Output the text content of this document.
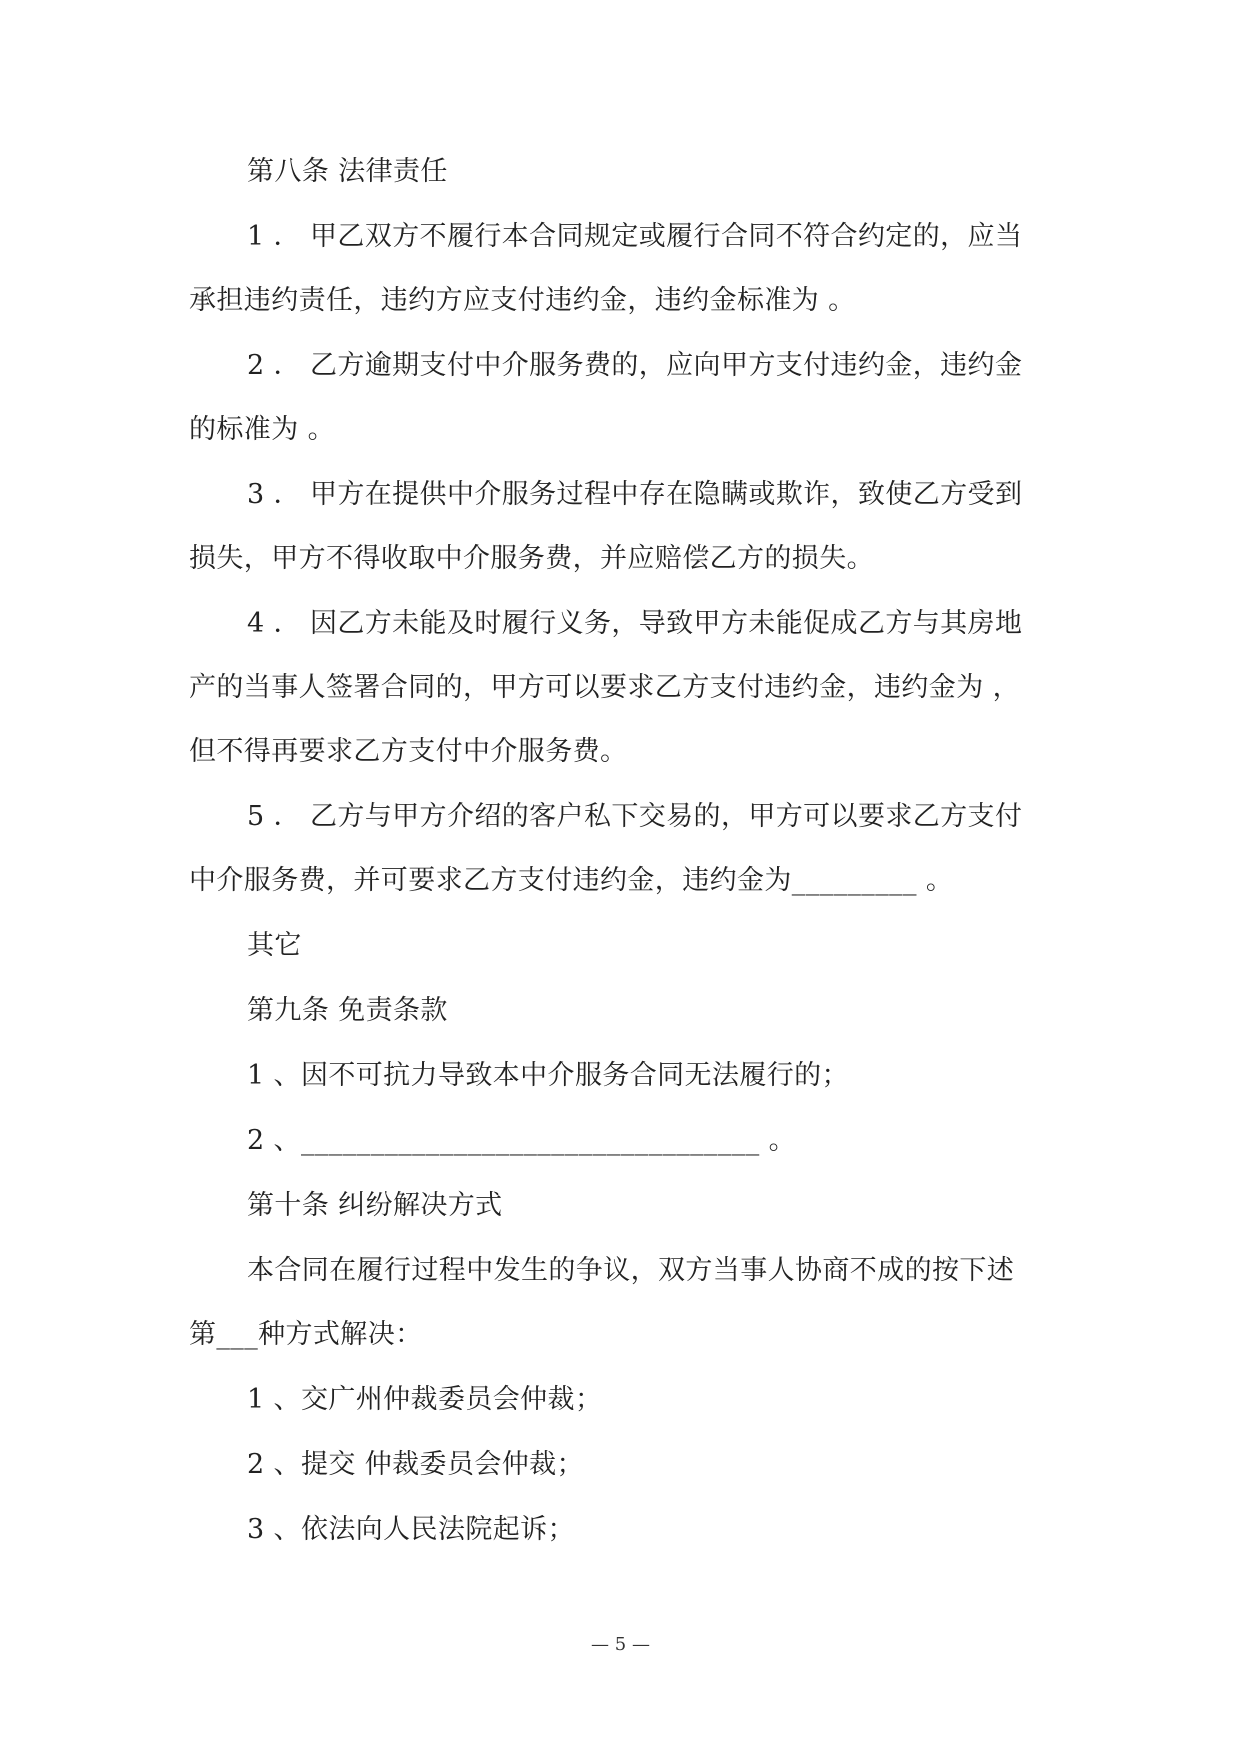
第八条 法律责任
1 ． 甲乙双方不履行本合同规定或履行合同不符合约定的，应当
承担违约责任，违约方应支付违约金，违约金标准为 。
2 ． 乙方逾期支付中介服务费的，应向甲方支付违约金，违约金
的标准为 。
3 ． 甲方在提供中介服务过程中存在隐瞒或欺诈，致使乙方受到
损失，甲方不得收取中介服务费，并应赔偿乙方的损失。
4 ． 因乙方未能及时履行义务，导致甲方未能促成乙方与其房地
产的当事人签署合同的，甲方可以要求乙方支付违约金，违约金为 ，
但不得再要求乙方支付中介服务费。
5 ． 乙方与甲方介绍的客户私下交易的，甲方可以要求乙方支付
中介服务费，并可要求乙方支付违约金，违约金为_________ 。
其它
第九条 免责条款
1 、因不可抗力导致本中介服务合同无法履行的；
2 、_________________________________ 。
第十条 纠纷解决方式
本合同在履行过程中发生的争议，双方当事人协商不成的按下述
第___种方式解决：
1 、交广州仲裁委员会仲裁；
2 、提交 仲裁委员会仲裁；
3 、依法向人民法院起诉；
— 5 —
